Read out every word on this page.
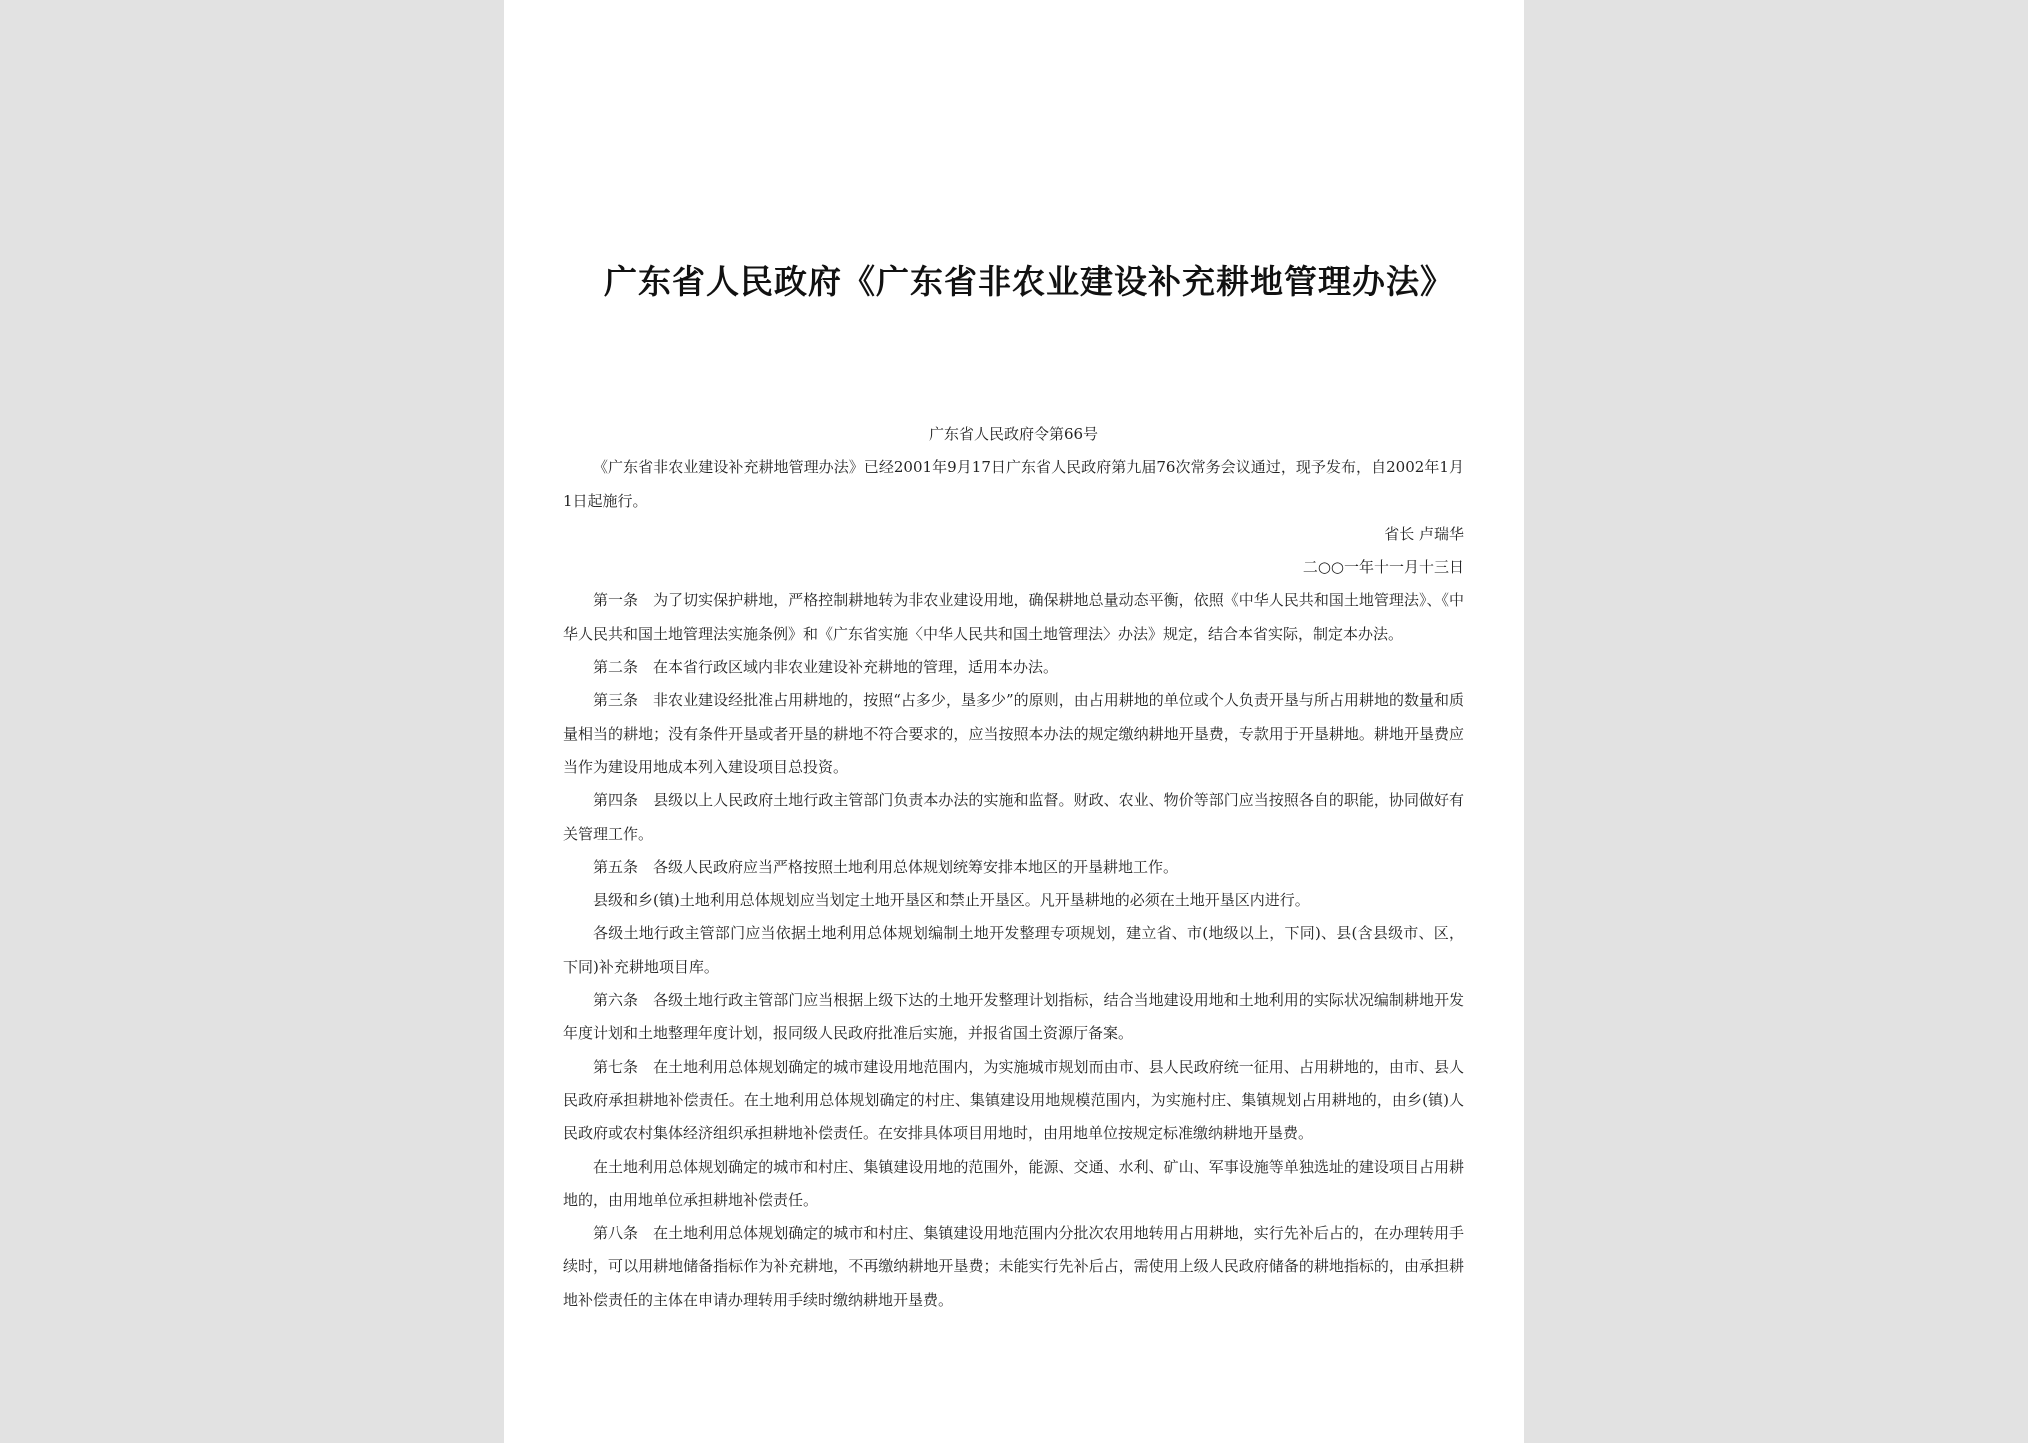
广东省人民政府《广东省非农业建设补充耕地管理办法》

广东省人民政府令第66号

《广东省非农业建设补充耕地管理办法》已经2001年9月17日广东省人民政府第九届76次常务会议通过，现予发布，自2002年1月1日起施行。

省长 卢瑞华

二○○一年十一月十三日

第一条　为了切实保护耕地，严格控制耕地转为非农业建设用地，确保耕地总量动态平衡，依照《中华人民共和国土地管理法》、《中华人民共和国土地管理法实施条例》和《广东省实施〈中华人民共和国土地管理法〉办法》规定，结合本省实际，制定本办法。

第二条　在本省行政区域内非农业建设补充耕地的管理，适用本办法。

第三条　非农业建设经批准占用耕地的，按照“占多少，垦多少”的原则，由占用耕地的单位或个人负责开垦与所占用耕地的数量和质量相当的耕地；没有条件开垦或者开垦的耕地不符合要求的，应当按照本办法的规定缴纳耕地开垦费，专款用于开垦耕地。耕地开垦费应当作为建设用地成本列入建设项目总投资。

第四条　县级以上人民政府土地行政主管部门负责本办法的实施和监督。财政、农业、物价等部门应当按照各自的职能，协同做好有关管理工作。

第五条　各级人民政府应当严格按照土地利用总体规划统筹安排本地区的开垦耕地工作。

县级和乡(镇)土地利用总体规划应当划定土地开垦区和禁止开垦区。凡开垦耕地的必须在土地开垦区内进行。

各级土地行政主管部门应当依据土地利用总体规划编制土地开发整理专项规划，建立省、市(地级以上，下同)、县(含县级市、区，下同)补充耕地项目库。

第六条　各级土地行政主管部门应当根据上级下达的土地开发整理计划指标，结合当地建设用地和土地利用的实际状况编制耕地开发年度计划和土地整理年度计划，报同级人民政府批准后实施，并报省国土资源厅备案。

第七条　在土地利用总体规划确定的城市建设用地范围内，为实施城市规划而由市、县人民政府统一征用、占用耕地的，由市、县人民政府承担耕地补偿责任。在土地利用总体规划确定的村庄、集镇建设用地规模范围内，为实施村庄、集镇规划占用耕地的，由乡(镇)人民政府或农村集体经济组织承担耕地补偿责任。在安排具体项目用地时，由用地单位按规定标准缴纳耕地开垦费。

在土地利用总体规划确定的城市和村庄、集镇建设用地的范围外，能源、交通、水利、矿山、军事设施等单独选址的建设项目占用耕地的，由用地单位承担耕地补偿责任。

第八条　在土地利用总体规划确定的城市和村庄、集镇建设用地范围内分批次农用地转用占用耕地，实行先补后占的，在办理转用手续时，可以用耕地储备指标作为补充耕地，不再缴纳耕地开垦费；未能实行先补后占，需使用上级人民政府储备的耕地指标的，由承担耕地补偿责任的主体在申请办理转用手续时缴纳耕地开垦费。
